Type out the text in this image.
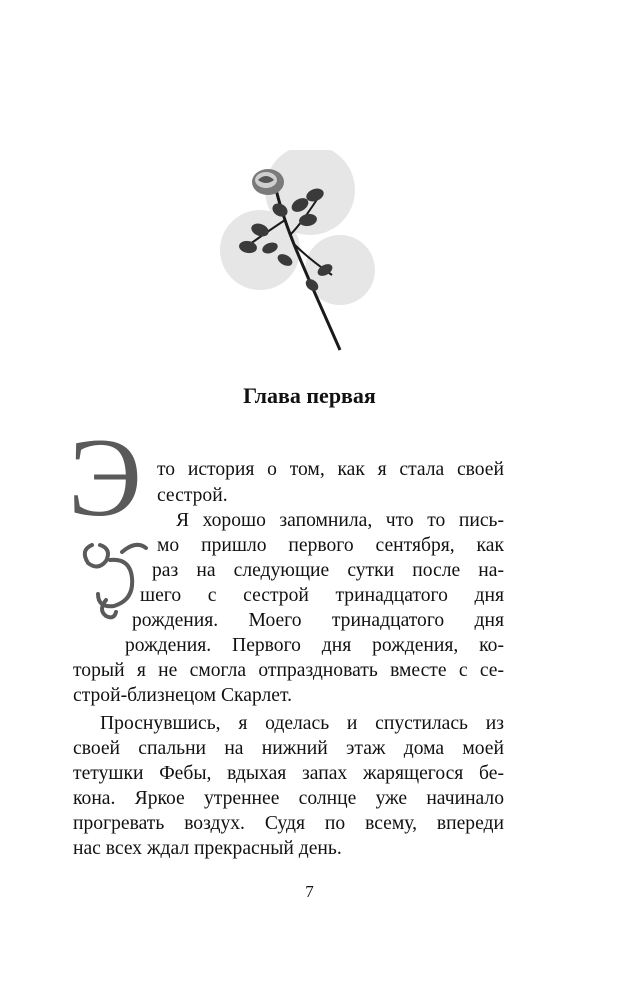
Глава первая
Э то история о том, как я стала своей
сестрой.
Я хорошо запомнила, что то пись-
мо пришло первого сентября, как
раз на следующие сутки после на-
шего с сестрой тринадцатого дня
рождения. Моего тринадцатого дня
рождения. Первого дня рождения, ко-
торый я не смогла отпраздновать вместе с се-
строй-близнецом Скарлет.
Проснувшись, я оделась и спустилась из
своей спальни на нижний этаж дома моей
тетушки Фебы, вдыхая запах жарящегося бе-
кона. Яркое утреннее солнце уже начинало
прогревать воздух. Судя по всему, впереди
нас всех ждал прекрасный день.
7
